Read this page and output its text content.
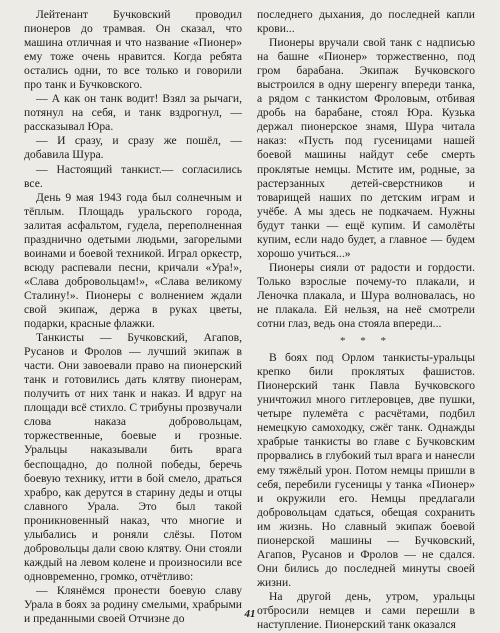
Лейтенант Бучковский проводил пионеров до трамвая. Он сказал, что машина отличная и что название «Пионер» ему тоже очень нравится. Когда ребята остались одни, то все только и говорили про танк и Бучковского.

— А как он танк водит! Взял за рычаги, потянул на себя, и танк вздрогнул, — рассказывал Юра.

— И сразу, и сразу же пошёл, — добавила Шура.

— Настоящий танкист.— согласились все.

День 9 мая 1943 года был солнечным и тёплым. Площадь уральского города, залитая асфальтом, гудела, переполненная празднично одетыми людьми, загорелыми воинами и боевой техникой. Играл оркестр, всюду распевали песни, кричали «Ура!», «Слава добровольцам!», «Слава великому Сталину!». Пионеры с волнением ждали свой экипаж, держа в руках цветы, подарки, красные флажки.

Танкисты — Бучковский, Агапов, Русанов и Фролов — лучший экипаж в части. Они завоевали право на пионерский танк и готовились дать клятву пионерам, получить от них танк и наказ. И вдруг на площади всё стихло. С трибуны прозвучали слова наказа добровольцам, торжественные, боевые и грозные. Уральцы наказывали бить врага беспощадно, до полной победы, беречь боевую технику, итти в бой смело, драться храбро, как дерутся в старину деды и отцы славного Урала. Это был такой проникновенный наказ, что многие и улыбались и роняли слёзы. Потом добровольцы дали свою клятву. Они стояли каждый на левом колене и произносили все одновременно, громко, отчётливо:

— Клянёмся пронести боевую славу Урала в боях за родину смелыми, храбрыми и преданными своей Отчизне до

последнего дыхания, до последней капли крови...

Пионеры вручали свой танк с надписью на башне «Пионер» торжественно, под гром барабана. Экипаж Бучковского выстроился в одну шеренгу впереди танка, а рядом с танкистом Фроловым, отбивая дробь на барабане, стоял Юра. Кузька держал пионерское знамя, Шура читала наказ: «Пусть под гусеницами нашей боевой машины найдут себе смерть проклятые немцы. Мстите им, родные, за растерзанных детей-сверстников и товарищей наших по детским играм и учёбе. А мы здесь не подкачаем. Нужны будут танки — ещё купим. И самолёты купим, если надо будет, а главное — будем хорошо учиться...»

Пионеры сияли от радости и гордости. Только взрослые почему-то плакали, и Леночка плакала, и Шура волновалась, но не плакала. Ей нельзя, на неё смотрели сотни глаз, ведь она стояла впереди...

* * *

В боях под Орлом танкисты-уральцы крепко били проклятых фашистов. Пионерский танк Павла Бучковского уничтожил много гитлеровцев, две пушки, четыре пулемёта с расчётами, подбил немецкую самоходку, сжёг танк. Однажды храбрые танкисты во главе с Бучковским прорвались в глубокий тыл врага и нанесли ему тяжёлый урон. Потом немцы пришли в себя, перебили гусеницы у танка «Пионер» и окружили его. Немцы предлагали добровольцам сдаться, обещая сохранить им жизнь. Но славный экипаж боевой пионерской машины — Бучковский, Агапов, Русанов и Фролов — не сдался. Они бились до последней минуты своей жизни.

На другой день, утром, уральцы отбросили немцев и сами перешли в наступление. Пионерский танк оказался

41
